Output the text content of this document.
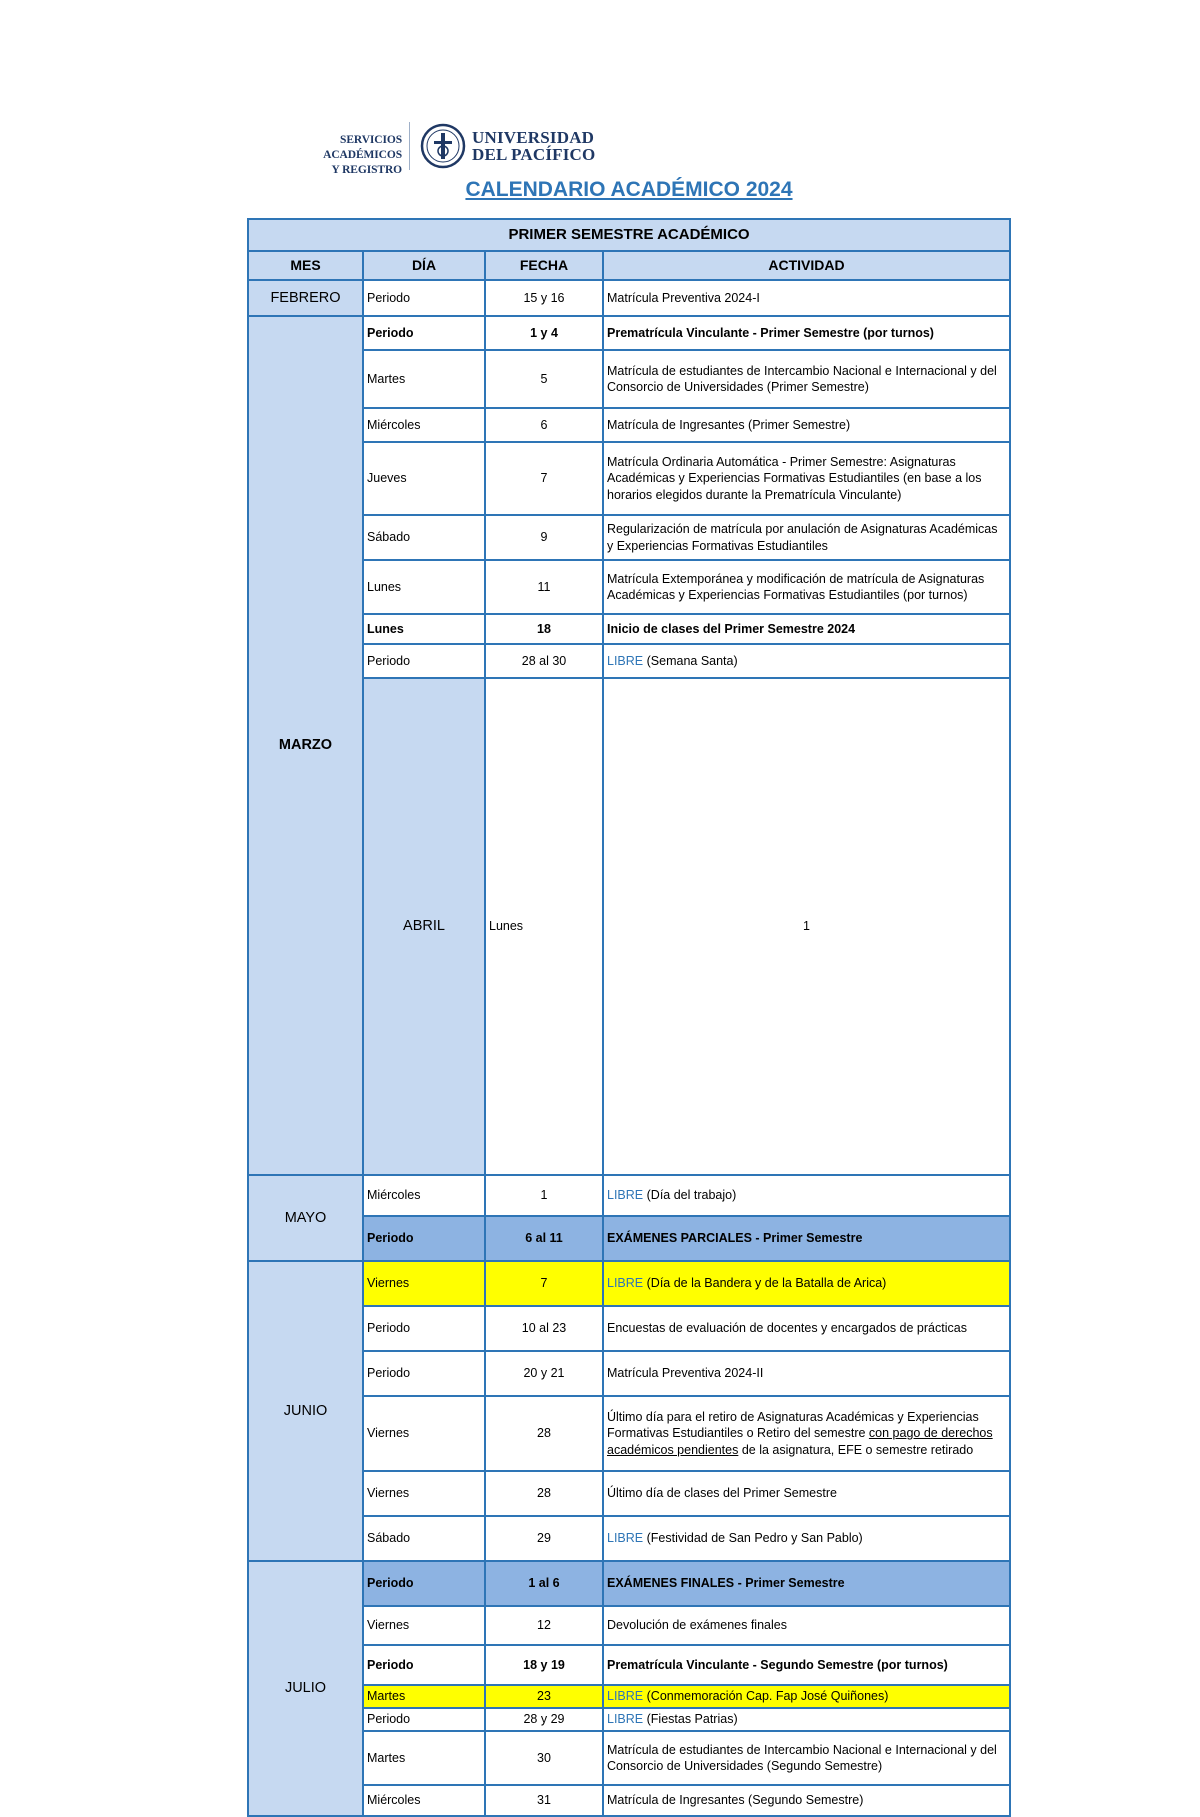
SERVICIOS ACADÉMICOS
Y REGISTRO
UNIVERSIDAD
DEL PACÍFICO
CALENDARIO ACADÉMICO 2024
PRIMER SEMESTRE ACADÉMICO				
MES	DÍA	FECHA	ACTIVIDAD	
FEBRERO	Periodo	15 y 16	Matrícula Preventiva 2024-I	
MARZO	Periodo	1 y 4	Prematrícula Vinculante - Primer Semestre (por turnos)	
	Martes	5	Matrícula de estudiantes de Intercambio Nacional e Internacional y del Consorcio de Universidades (Primer Semestre)	
	Miércoles	6	Matrícula de Ingresantes (Primer Semestre)	
	Jueves	7	Matrícula Ordinaria Automática - Primer Semestre: Asignaturas Académicas y Experiencias Formativas Estudiantiles (en base a los horarios elegidos durante la Prematrícula Vinculante)	
	Sábado	9	Regularización de matrícula por anulación de Asignaturas Académicas y Experiencias Formativas Estudiantiles	
	Lunes	11	Matrícula Extemporánea y modificación de matrícula de Asignaturas Académicas y Experiencias Formativas Estudiantiles (por turnos)	
	Lunes	18	Inicio de clases del Primer Semestre 2024	
	Periodo	28 al 30	LIBRE (Semana Santa)	
	ABRIL	Lunes	1	
MAYO	Miércoles	1	LIBRE (Día del trabajo)	
	Periodo	6 al 11	EXÁMENES PARCIALES - Primer Semestre	
JUNIO	Viernes	7	LIBRE (Día de la Bandera y de la Batalla de Arica)	
	Periodo	10 al 23	Encuestas de evaluación de docentes y encargados de prácticas	
	Periodo	20 y 21	Matrícula Preventiva 2024-II	
	Viernes	28	Último día para el retiro de Asignaturas Académicas y Experiencias Formativas Estudiantiles o Retiro del semestre con pago de derechos académicos pendientes de la asignatura, EFE o semestre retirado	
	Viernes	28	Último día de clases del Primer Semestre	
	Sábado	29	LIBRE (Festividad de San Pedro y San Pablo)	
JULIO	Periodo	1 al 6	EXÁMENES FINALES - Primer Semestre	
	Viernes	12	Devolución de exámenes finales	
	Periodo	18 y 19	Prematrícula Vinculante - Segundo Semestre (por turnos)	
	Martes	23	LIBRE (Conmemoración Cap. Fap José Quiñones)	
	Periodo	28 y 29	LIBRE (Fiestas Patrias)	
	Martes	30	Matrícula de estudiantes de Intercambio Nacional e Internacional y del Consorcio de Universidades (Segundo Semestre)	
	Miércoles	31	Matrícula de Ingresantes (Segundo Semestre)	
